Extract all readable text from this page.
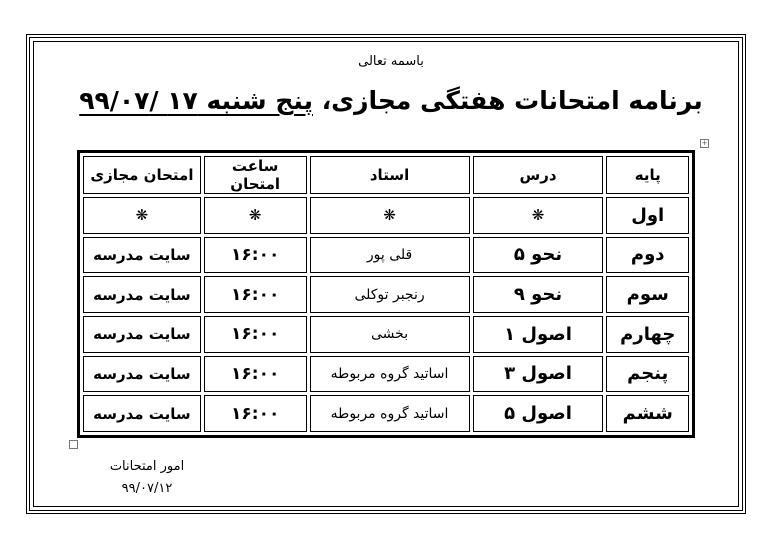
باسمه تعالی
برنامه امتحانات هفتگی مجازی، پنج شنبه ۱۷ /۹۹/۰۷
+
پایه	درس	استاد	ساعت امتحان	امتحان مجازی
اول	❋	❋	❋	❋
دوم	نحو ۵	قلی پور	۱۶:۰۰	سایت مدرسه
سوم	نحو ۹	رنجبر توکلی	۱۶:۰۰	سایت مدرسه
چهارم	اصول ۱	بخشی	۱۶:۰۰	سایت مدرسه
پنجم	اصول ۳	اساتید گروه مربوطه	۱۶:۰۰	سایت مدرسه
ششم	اصول ۵	اساتید گروه مربوطه	۱۶:۰۰	سایت مدرسه
امور امتحانات
۹۹/۰۷/۱۲
